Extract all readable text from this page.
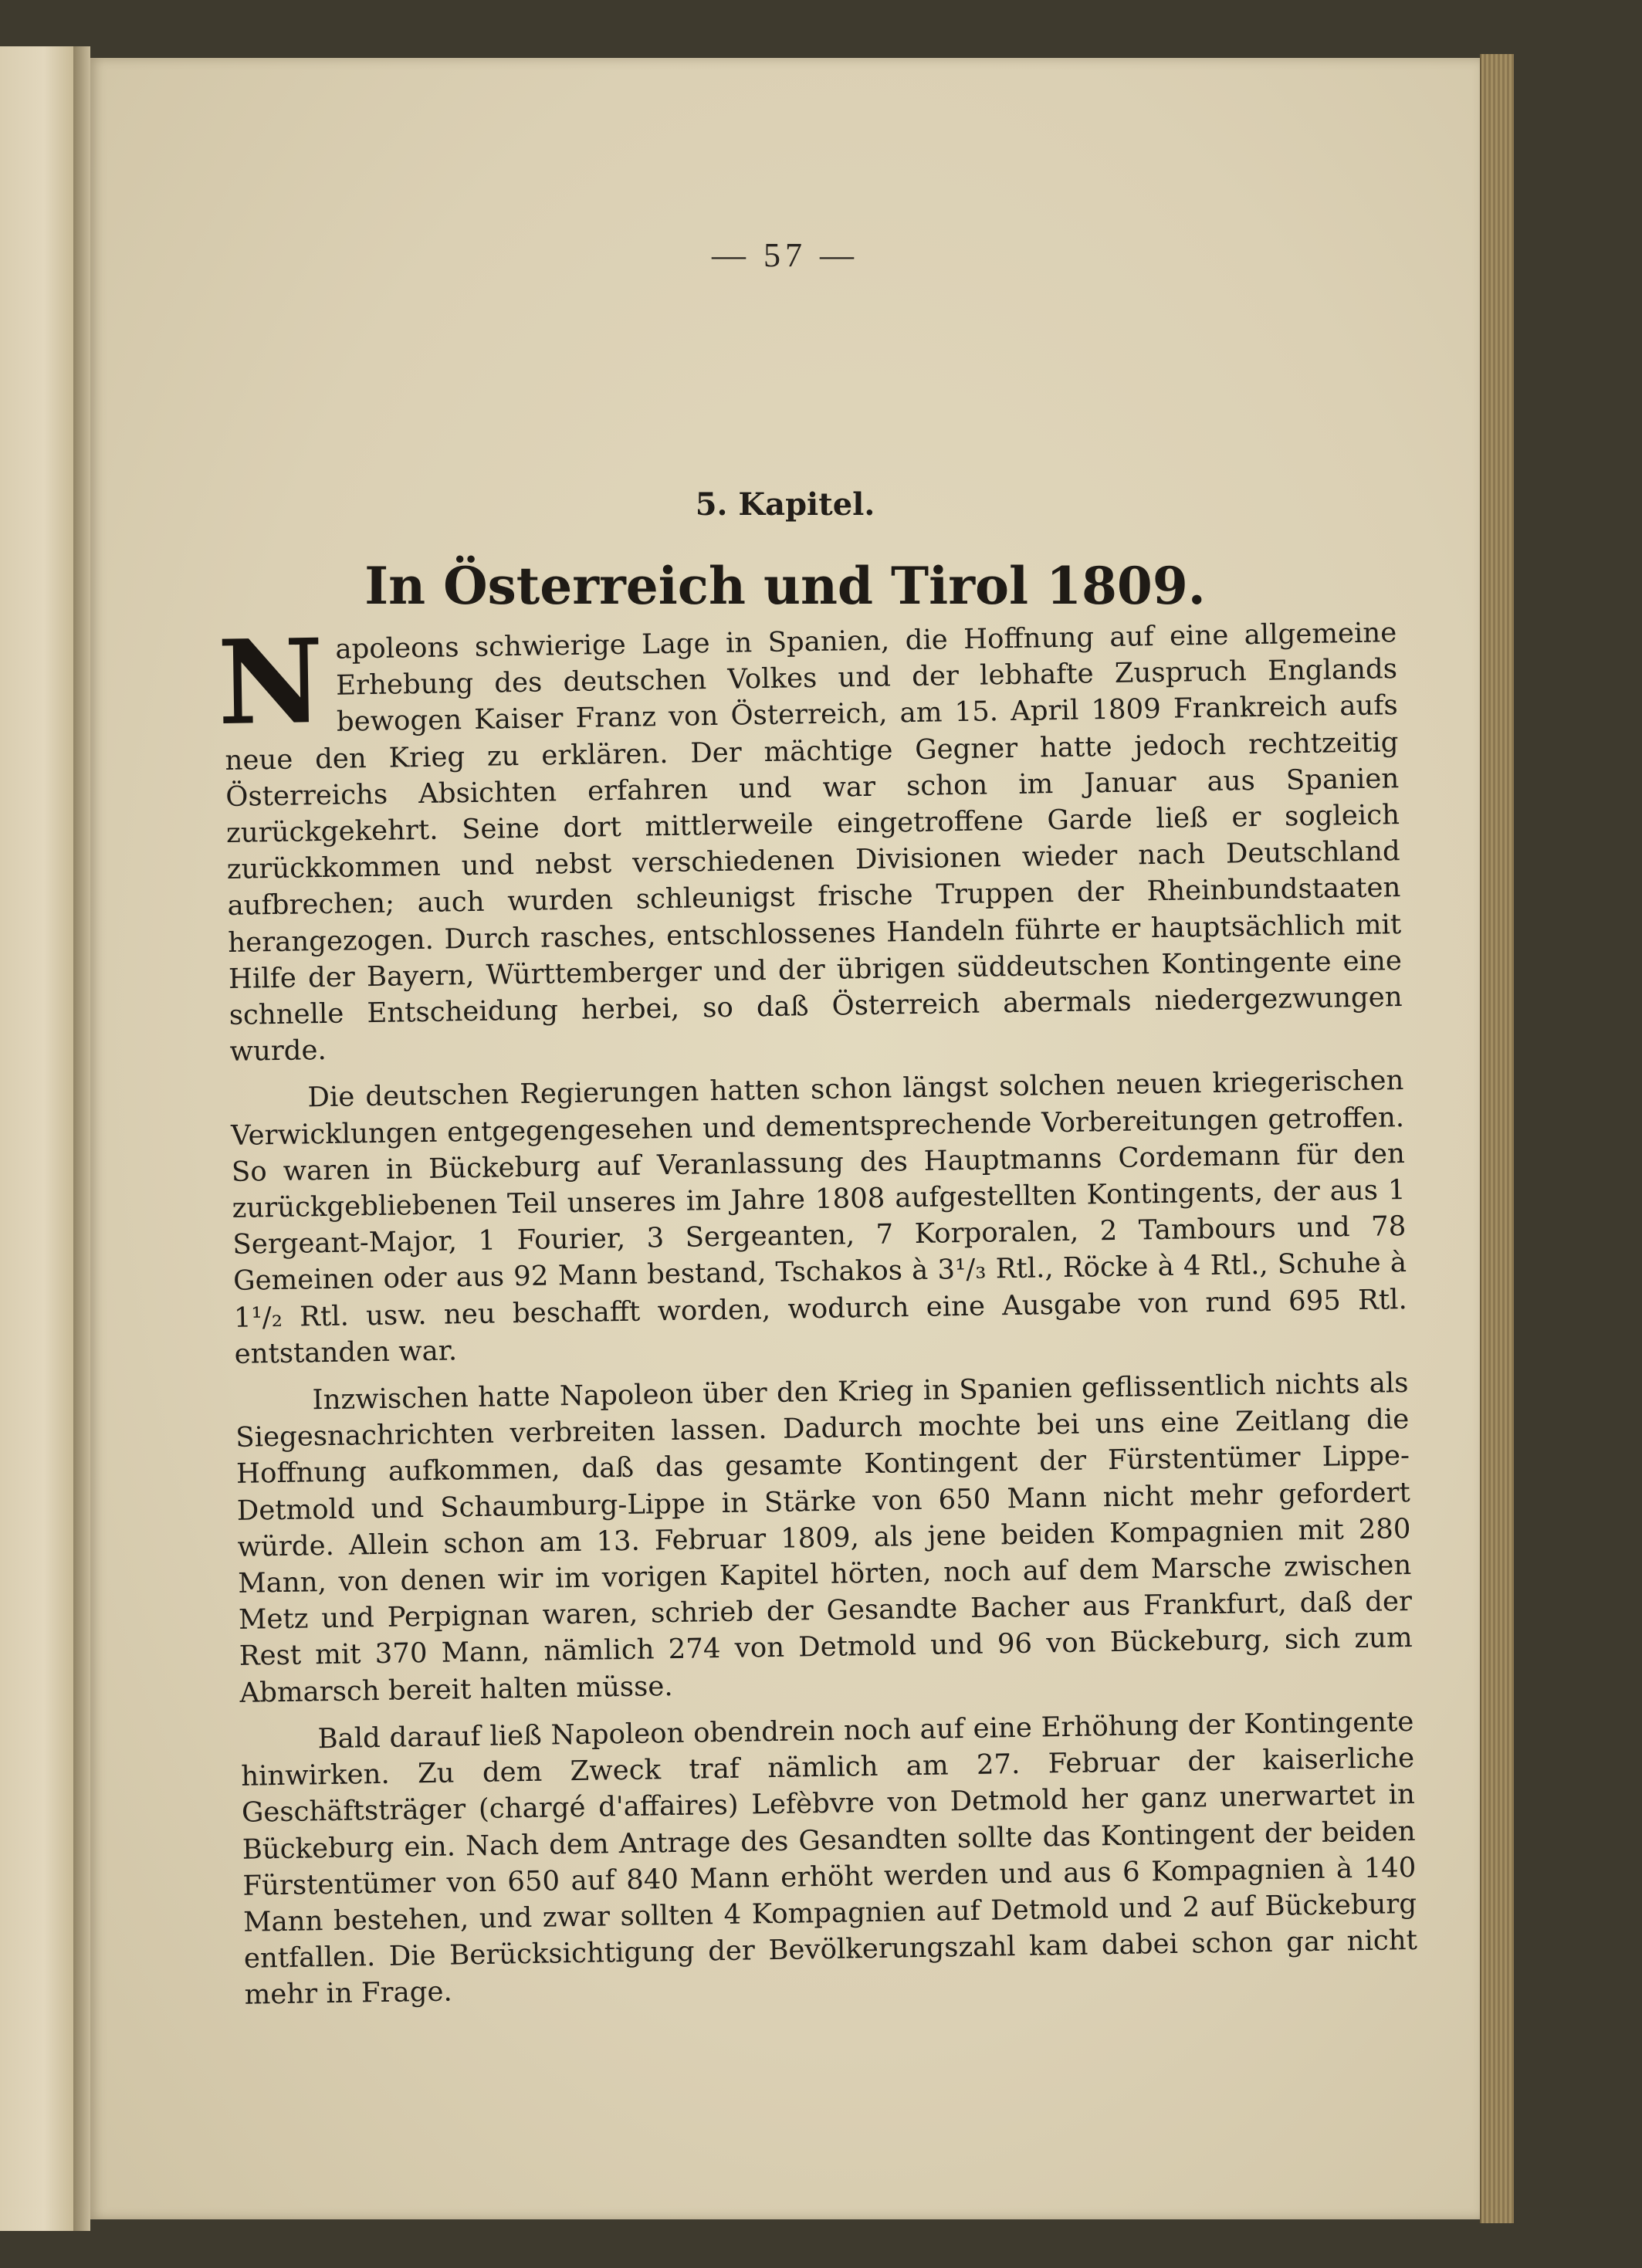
— 57 —
5. Kapitel.
In Österreich und Tirol 1809.

Napoleons schwierige Lage in Spanien, die Hoffnung auf eine allgemeine Erhebung des deutschen Volkes und der lebhafte Zuspruch Englands bewogen Kaiser Franz von Österreich, am 15. April 1809 Frankreich aufs neue den Krieg zu erklären. Der mächtige Gegner hatte jedoch rechtzeitig Österreichs Absichten erfahren und war schon im Januar aus Spanien zurückgekehrt. Seine dort mittlerweile eingetroffene Garde ließ er sogleich zurückkommen und nebst verschiedenen Divisionen wieder nach Deutschland aufbrechen; auch wurden schleunigst frische Truppen der Rheinbundstaaten herangezogen. Durch rasches, entschlossenes Handeln führte er hauptsächlich mit Hilfe der Bayern, Württemberger und der übrigen süddeutschen Kontingente eine schnelle Entscheidung herbei, so daß Österreich abermals niedergezwungen wurde.

Die deutschen Regierungen hatten schon längst solchen neuen kriegerischen Verwicklungen entgegengesehen und dementsprechende Vorbereitungen getroffen. So waren in Bückeburg auf Veranlassung des Hauptmanns Cordemann für den zurückgebliebenen Teil unseres im Jahre 1808 aufgestellten Kontingents, der aus 1 Sergeant-Major, 1 Fourier, 3 Sergeanten, 7 Korporalen, 2 Tambours und 78 Gemeinen oder aus 92 Mann bestand, Tschakos à 3¹/₃ Rtl., Röcke à 4 Rtl., Schuhe à 1¹/₂ Rtl. usw. neu beschafft worden, wodurch eine Ausgabe von rund 695 Rtl. entstanden war.

Inzwischen hatte Napoleon über den Krieg in Spanien geflissentlich nichts als Siegesnachrichten verbreiten lassen. Dadurch mochte bei uns eine Zeitlang die Hoffnung aufkommen, daß das gesamte Kontingent der Fürstentümer Lippe-Detmold und Schaumburg-Lippe in Stärke von 650 Mann nicht mehr gefordert würde. Allein schon am 13. Februar 1809, als jene beiden Kompagnien mit 280 Mann, von denen wir im vorigen Kapitel hörten, noch auf dem Marsche zwischen Metz und Perpignan waren, schrieb der Gesandte Bacher aus Frankfurt, daß der Rest mit 370 Mann, nämlich 274 von Detmold und 96 von Bückeburg, sich zum Abmarsch bereit halten müsse.

Bald darauf ließ Napoleon obendrein noch auf eine Erhöhung der Kontingente hinwirken. Zu dem Zweck traf nämlich am 27. Februar der kaiserliche Geschäftsträger (chargé d'affaires) Lefèbvre von Detmold her ganz unerwartet in Bückeburg ein. Nach dem Antrage des Gesandten sollte das Kontingent der beiden Fürstentümer von 650 auf 840 Mann erhöht werden und aus 6 Kompagnien à 140 Mann bestehen, und zwar sollten 4 Kompagnien auf Detmold und 2 auf Bückeburg entfallen. Die Berücksichtigung der Bevölkerungszahl kam dabei schon gar nicht mehr in Frage.
